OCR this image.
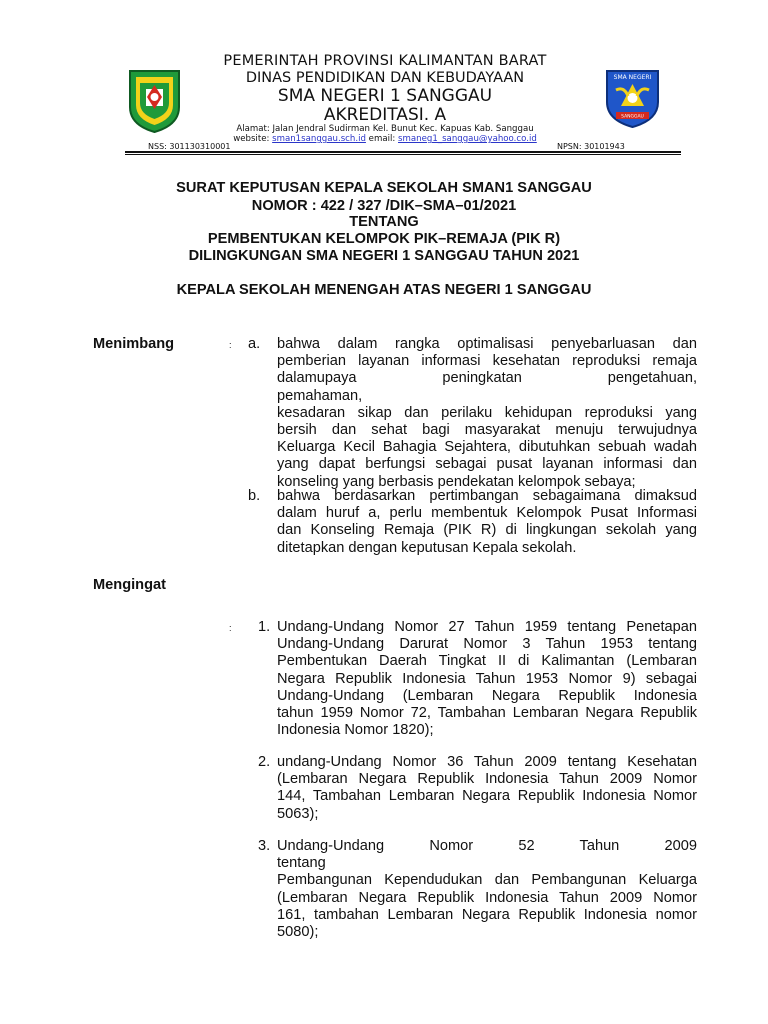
PEMERINTAH PROVINSI KALIMANTAN BARAT
DINAS PENDIDIKAN DAN KEBUDAYAAN
SMA NEGERI 1 SANGGAU
AKREDITASI. A
Alamat: Jalan Jendral Sudirman Kel. Bunut Kec. Kapuas Kab. Sanggau
website: sman1sanggau.sch.id email: smaneg1_sanggau@yahoo.co.id
SMA NEGERI
SANGGAU
NSS: 301130310001	NPSN: 30101943
SURAT KEPUTUSAN KEPALA SEKOLAH SMAN1 SANGGAU
NOMOR : 422 / 327 /DIK–SMA–01/2021
TENTANG
PEMBENTUKAN KELOMPOK PIK–REMAJA (PIK R)
DILINGKUNGAN SMA NEGERI 1 SANGGAU TAHUN 2021
KEPALA SEKOLAH MENENGAH ATAS NEGERI 1 SANGGAU
Menimbang	: a. bahwa dalam rangka optimalisasi penyebarluasan dan
pemberian layanan informasi kesehatan reproduksi remaja
dalamupaya peningkatan pengetahuan, pemahaman,
kesadaran sikap dan perilaku kehidupan reproduksi yang
bersih dan sehat bagi masyarakat menuju terwujudnya
Keluarga Kecil Bahagia Sejahtera, dibutuhkan sebuah wadah
yang dapat berfungsi sebagai pusat layanan informasi dan
konseling yang berbasis pendekatan kelompok sebaya;
b. bahwa berdasarkan pertimbangan sebagaimana dimaksud
dalam huruf a, perlu membentuk Kelompok Pusat Informasi
dan Konseling Remaja (PIK R) di lingkungan sekolah yang
ditetapkan dengan keputusan Kepala sekolah.
Mengingat
: 1. Undang-Undang Nomor 27 Tahun 1959 tentang Penetapan
Undang-Undang Darurat Nomor 3 Tahun 1953 tentang
Pembentukan Daerah Tingkat II di Kalimantan (Lembaran
Negara Republik Indonesia Tahun 1953 Nomor 9) sebagai
Undang-Undang (Lembaran Negara Republik Indonesia
tahun 1959 Nomor 72, Tambahan Lembaran Negara Republik
Indonesia Nomor 1820);
2. undang-Undang Nomor 36 Tahun 2009 tentang Kesehatan
(Lembaran Negara Republik Indonesia Tahun 2009 Nomor
144, Tambahan Lembaran Negara Republik Indonesia Nomor
5063);
3. Undang-Undang Nomor 52 Tahun 2009 tentang
Pembangunan Kependudukan dan Pembangunan Keluarga
(Lembaran Negara Republik Indonesia Tahun 2009 Nomor
161, tambahan Lembaran Negara Republik Indonesia nomor
5080);
